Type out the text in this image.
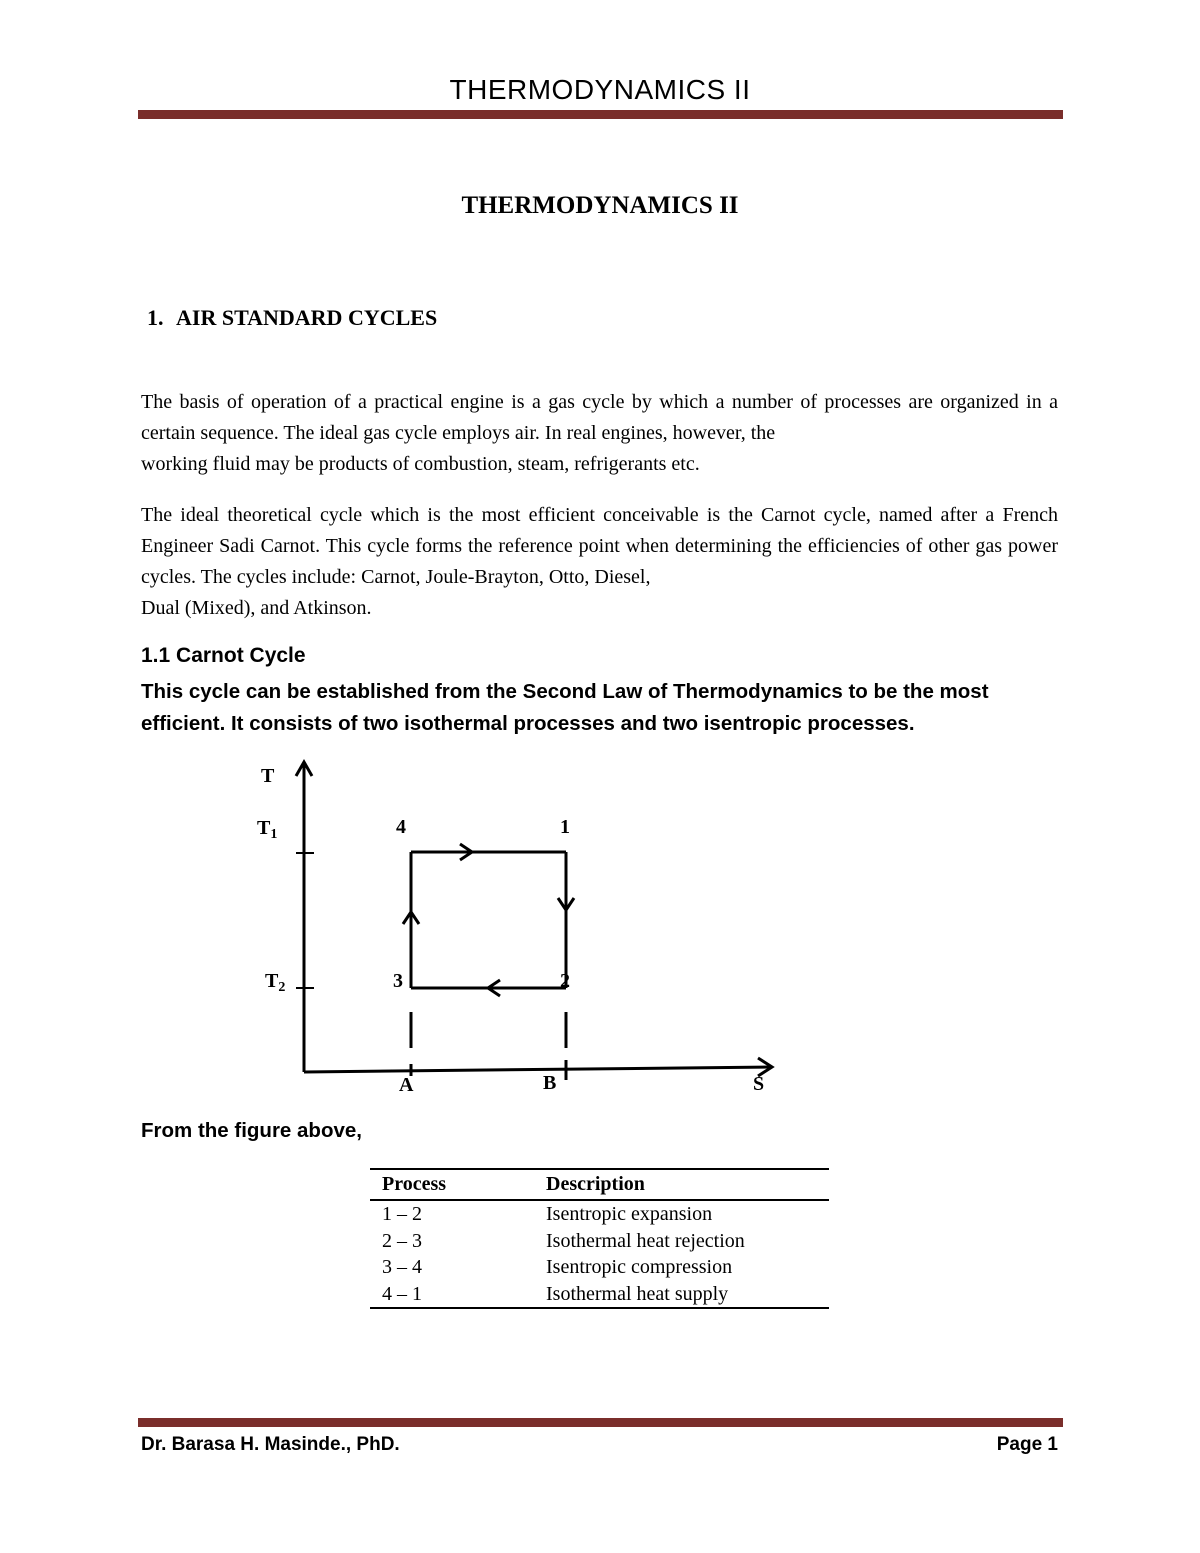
THERMODYNAMICS II
THERMODYNAMICS II
1. AIR STANDARD CYCLES
The basis of operation of a practical engine is a gas cycle by which a number of processes are organized in a certain sequence. The ideal gas cycle employs air. In real engines, however, the
working fluid may be products of combustion, steam, refrigerants etc.
The ideal theoretical cycle which is the most efficient conceivable is the Carnot cycle, named after a French Engineer Sadi Carnot. This cycle forms the reference point when determining the efficiencies of other gas power cycles. The cycles include: Carnot, Joule-Brayton, Otto, Diesel,
Dual (Mixed), and Atkinson.
1.1 Carnot Cycle
This cycle can be established from the Second Law of Thermodynamics to be the most
efficient. It consists of two isothermal processes and two isentropic processes.
T
$T_1$
$T_2$
4	1
3	2
A	B	S
From the figure above,
Process	Description
1 – 2	Isentropic expansion
2 – 3	Isothermal heat rejection
3 – 4	Isentropic compression
4 – 1	Isothermal heat supply
Dr. Barasa H. Masinde., PhD.	Page 1
